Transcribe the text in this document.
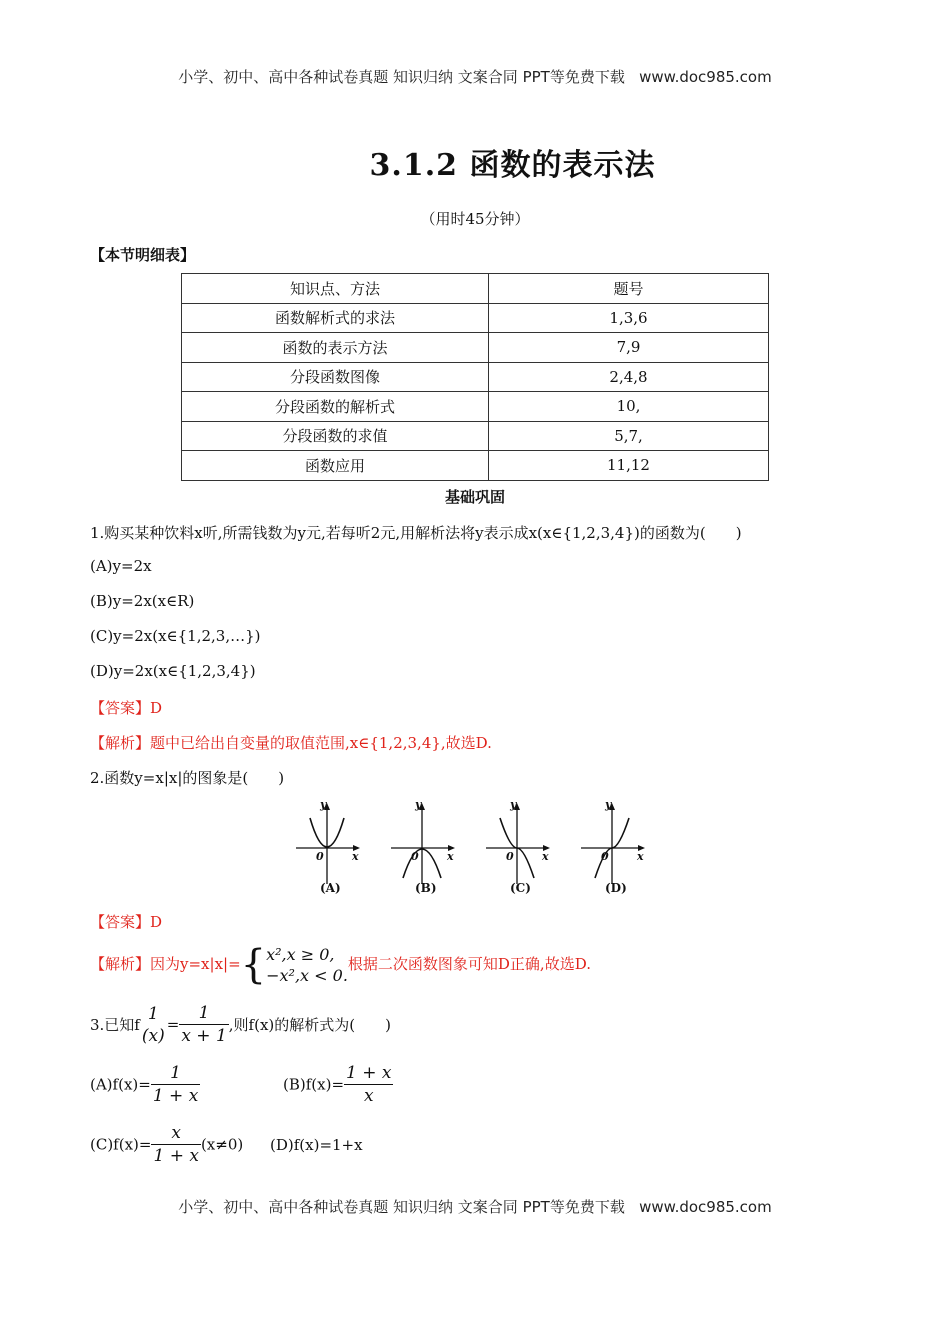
小学、初中、高中各种试卷真题 知识归纳 文案合同 PPT等免费下载 www.doc985.com
3.1.2 函数的表示法
（用时45分钟）
【本节明细表】
知识点、方法	题号
函数解析式的求法	1,3,6
函数的表示方法	7,9
分段函数图像	2,4,8
分段函数的解析式	10,
分段函数的求值	5,7,
函数应用	11,12
基础巩固
1.购买某种饮料x听,所需钱数为y元,若每听2元,用解析法将y表示成x(x∈{1,2,3,4})的函数为(　　)
(A)y=2x
(B)y=2x(x∈R)
(C)y=2x(x∈{1,2,3,…})
(D)y=2x(x∈{1,2,3,4})
【答案】D
【解析】题中已给出自变量的取值范围,x∈{1,2,3,4},故选D.
2.函数y=x|x|的图象是(　　)
y
x
0
(A)
y
x
0
(B)
y
x
0
(C)
y
x
0
(D)
【答案】D
【解析】因为y=x|x|={ x²,x ≥ 0,
−x²,x < 0.
根据二次函数图象可知D正确,故选D.
3.已知f
1
(x)
= $\frac{1}{x + 1}$ ,则f(x)的解析式为(　　)
$(A)f(x)= \frac{1}{1 + x}$	$(B)f(x)= \frac{1 + x}{x}$
$(C)f(x)= \frac{x}{1 + x} (x\ne 0)$ (D)f(x)=1+x
小学、初中、高中各种试卷真题 知识归纳 文案合同 PPT等免费下载 www.doc985.com
